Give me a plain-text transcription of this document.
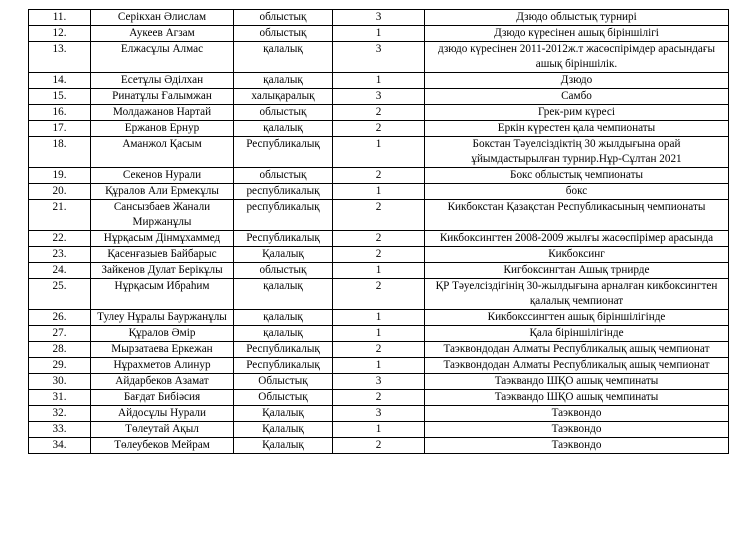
11.	Серікхан Әлислам	облыстық	3	Дзюдо облыстық турнирі
12.	Аукеев Агзам	облыстық	1	Дзюдо күресінен ашық біріншілігі
13.	Елжасұлы Алмас	қалалық	3	дзюдо күресінен 2011-2012ж.т жасөспірімдер арасындағы ашық біріншілік.
14.	Есетұлы Әділхан	қалалық	1	Дзюдо
15.	Ринатұлы Ғалымжан	халықаралық	3	Самбо
16.	Молдажанов Нартай	облыстық	2	Грек-рим күресі
17.	Ержанов Ернур	қалалық	2	Еркін күрестен қала чемпионаты
18.	Аманжол Қасым	Республикалық	1	Бокстан Тәуелсіздіктің 30 жылдығына орай ұйымдастырылған турнир.Нұр-Сұлтан 2021
19.	Секенов Нурали	облыстық	2	Бокс облыстық чемпионаты
20.	Құралов Али Ермекұлы	республикалық	1	бокс
21.	Сансызбаев Жанали Миржанұлы	республикалық	2	Кикбокстан Қазақстан Республикасының чемпионаты
22.	Нұрқасым Дінмұхаммед	Республикалық	2	Кикбоксингтен 2008-2009 жылғы жасөспірімер арасында
23.	Қасенғазыев Байбарыс	Қалалық	2	Кикбоксинг
24.	Зайкенов Дулат Берікұлы	облыстық	1	Кигбоксингтан Ашық трнирде
25.	Нұрқасым Ибраһим	қалалық	2	ҚР Тәуелсіздігінің 30-жылдығына арналған кикбоксингтен қалалық чемпионат
26.	Тулеу Нұралы Бауржанұлы	қалалық	1	Кикбокссингтен ашық біріншілігінде
27.	Құралов Әмір	қалалық	1	Қала біріншілігінде
28.	Мырзатаева Еркежан	Республикалық	2	Таэквондодан Алматы Республикалық ашық чемпионат
29.	Нұрахметов Алинур	Республикалық	1	Таэквондодан Алматы Республикалық ашық чемпионат
30.	Айдарбеков Азамат	Облыстық	3	Таэквандо ШҚО ашық чемпинаты
31.	Бағдат Бибіәсия	Облыстық	2	Таэквандо ШҚО ашық чемпинаты
32.	Айдосұлы Нурали	Қалалық	3	Таэквондо
33.	Төлеутай Ақыл	Қалалық	1	Таэквондо
34.	Төлеубеков Мейрам	Қалалық	2	Таэквондо
